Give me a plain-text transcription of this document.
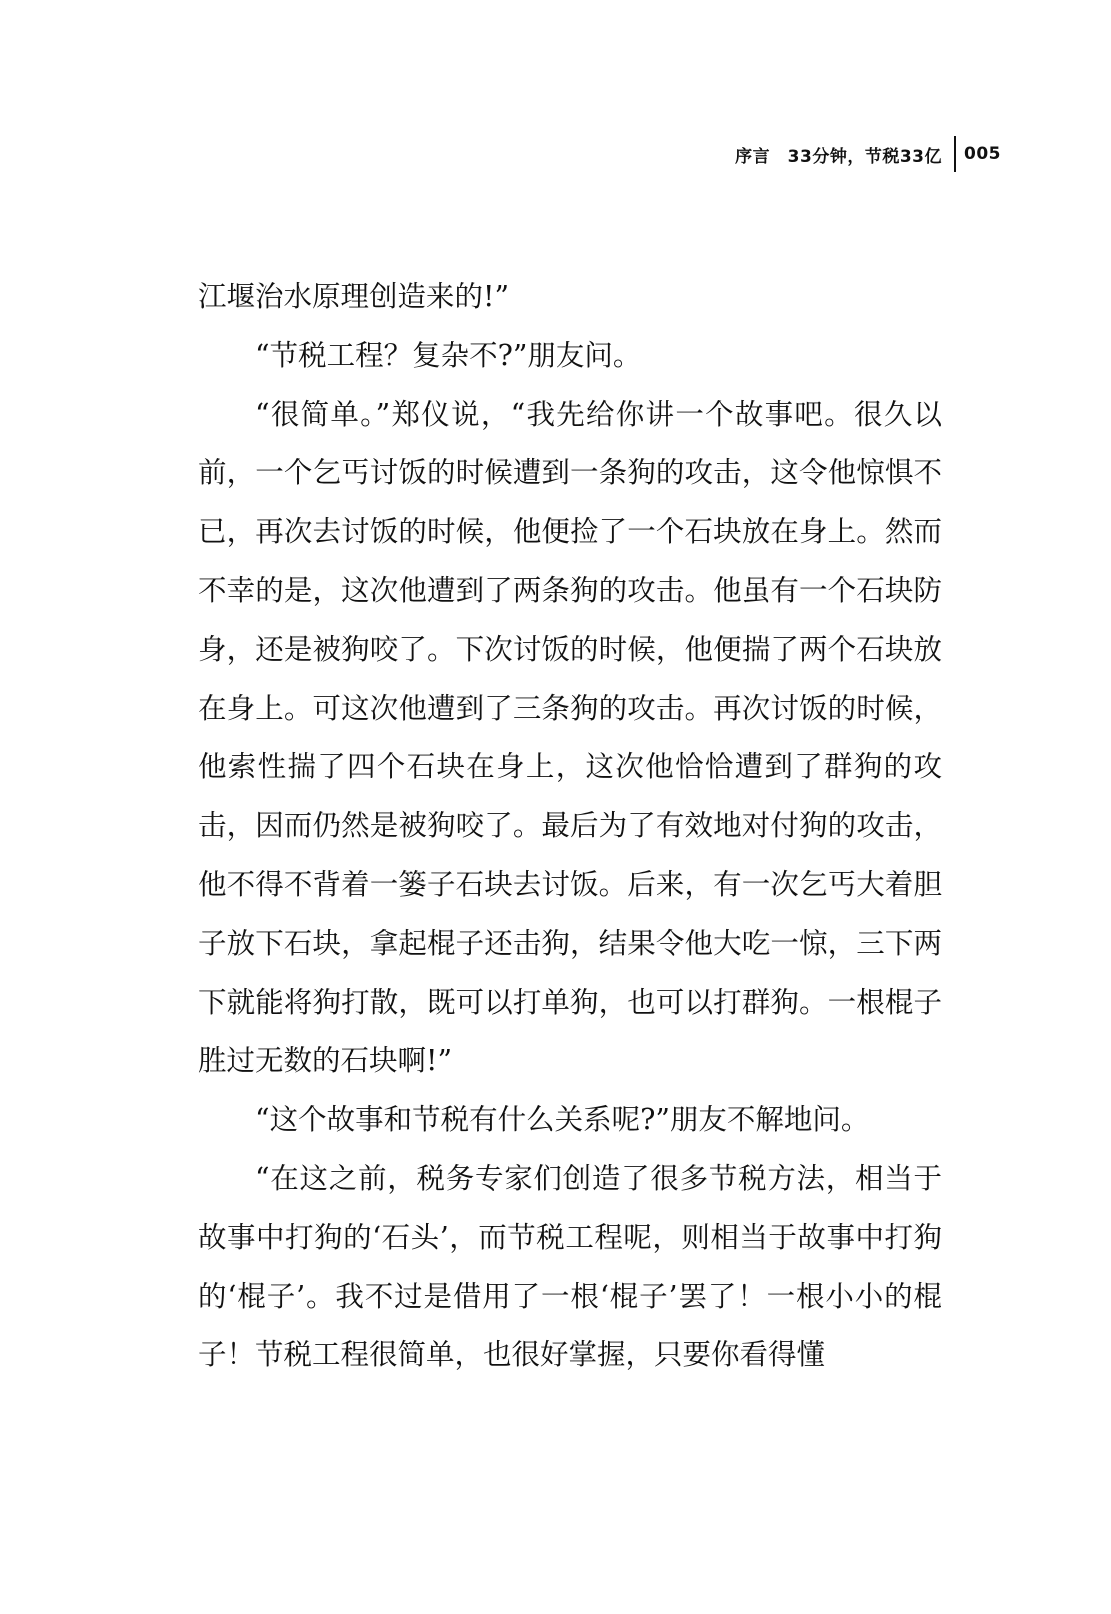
序言　33分钟，节税33亿	005

江堰治水原理创造来的!”

“节税工程？复杂不?”朋友问。

“很简单。”郑仪说，“我先给你讲一个故事吧。很久以前，一个乞丐讨饭的时候遭到一条狗的攻击，这令他惊惧不已，再次去讨饭的时候，他便捡了一个石块放在身上。然而不幸的是，这次他遭到了两条狗的攻击。他虽有一个石块防身，还是被狗咬了。下次讨饭的时候，他便揣了两个石块放在身上。可这次他遭到了三条狗的攻击。再次讨饭的时候，他索性揣了四个石块在身上，这次他恰恰遭到了群狗的攻击，因而仍然是被狗咬了。最后为了有效地对付狗的攻击，他不得不背着一篓子石块去讨饭。后来，有一次乞丐大着胆子放下石块，拿起棍子还击狗，结果令他大吃一惊，三下两下就能将狗打散，既可以打单狗，也可以打群狗。一根棍子胜过无数的石块啊!”

“这个故事和节税有什么关系呢?”朋友不解地问。

“在这之前，税务专家们创造了很多节税方法，相当于故事中打狗的‘石头’，而节税工程呢，则相当于故事中打狗的‘棍子’。我不过是借用了一根‘棍子’罢了！一根小小的棍子！节税工程很简单，也很好掌握，只要你看得懂
